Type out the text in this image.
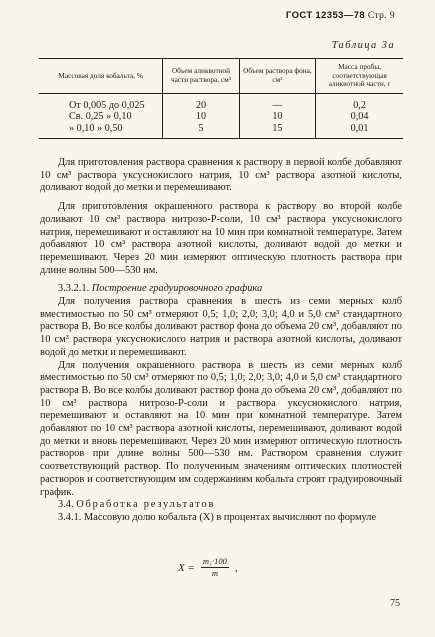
ГОСТ 12353—78 Стр. 9
Таблица 3а
Массовая доля кобальта, %	Объем аликвотной части раствора, см³	Объем раствора фона, см³	Масса пробы, соответствующая аликвотной части, г
От 0,005 до 0,025	20	—	0,2
Св. 0,25 » 0,10	10	10	0,04
» 0,10 » 0,50	5	15	0,01

Для приготовления раствора сравнения к раствору в первой колбе добавляют 10 см³ раствора уксуснокислого натрия, 10 см³ раствора азотной кислоты, доливают водой до метки и перемешивают.

Для приготовления окрашенного раствора к раствору во второй колбе доливают 10 см³ раствора нитрозо-Р-соли, 10 см³ раствора уксуснокислого натрия, перемешивают и оставляют на 10 мин при комнатной температуре. Затем добавляют 10 см³ раствора азотной кислоты, доливают водой до метки и перемешивают. Через 20 мин измеряют оптическую плотность раствора при длине волны 500—530 нм.

3.3.2.1. Построение градуировочного графика

Для получения раствора сравнения в шесть из семи мерных колб вместимостью по 50 см³ отмеряют 0,5; 1,0; 2,0; 3,0; 4,0 и 5,0 см³ стандартного раствора В. Во все колбы доливают раствор фона до объема 20 см³, добавляют по 10 см³ раствора уксуснокислого натрия и раствора азотной кислоты, доливают водой до метки и перемешивают.

Для получения окрашенного раствора в шесть из семи мерных колб вместимостью по 50 см³ отмеряют по 0,5; 1,0; 2,0; 3,0; 4,0 и 5,0 см³ стандартного раствора В. Во все колбы доливают раствор фона до объема 20 см³, добавляют по 10 см³ раствора нитрозо-Р-соли и раствора уксуснокислого натрия, перемешивают и оставляют на 10 мин при комнатной температуре. Затем добавляют по 10 см³ раствора азотной кислоты, перемешивают, доливают водой до метки и вновь перемешивают. Через 20 мин измеряют оптическую плотность растворов при длине волны 500—530 нм. Раствором сравнения служит соответствующий раствор. По полученным значениям оптических плотностей растворов и соответствующим им содержаниям кобальта строят градуировочный график.

3.4. Обработка результатов

3.4.1. Массовую долю кобальта (X) в процентах вычисляют по формуле

$X = \frac{\text{m₁·100}}{m}$ ,
75
